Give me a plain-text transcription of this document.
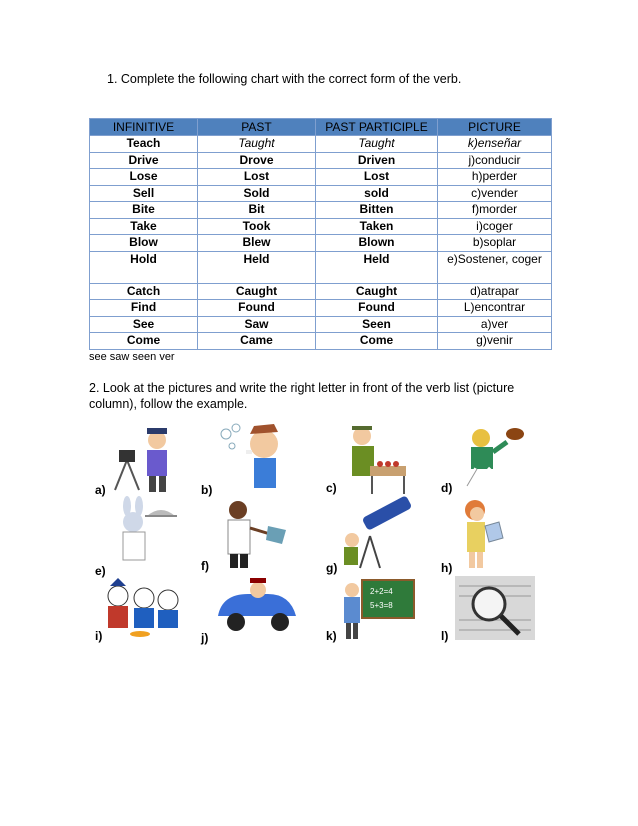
1. Complete the following chart with the correct form of the verb.
INFINITIVE	PAST	PAST PARTICIPLE	PICTURE
Teach	Taught	Taught	k)enseñar
Drive	Drove	Driven	j)conducir
Lose	Lost	Lost	h)perder
Sell	Sold	sold	c)vender
Bite	Bit	Bitten	f)morder
Take	Took	Taken	i)coger
Blow	Blew	Blown	b)soplar
Hold	Held	Held	e)Sostener, coger
Catch	Caught	Caught	d)atrapar
Find	Found	Found	L)encontrar
See	Saw	Seen	a)ver
Come	Came	Come	g)venir
see saw seen ver
2. Look at the pictures and write the right letter in front of the verb list (picture column), follow the example.
2+2=4
5+3=8
a)	b)	c)	d)
e)	f)	g)	h)
i)	j)	k)	l)
